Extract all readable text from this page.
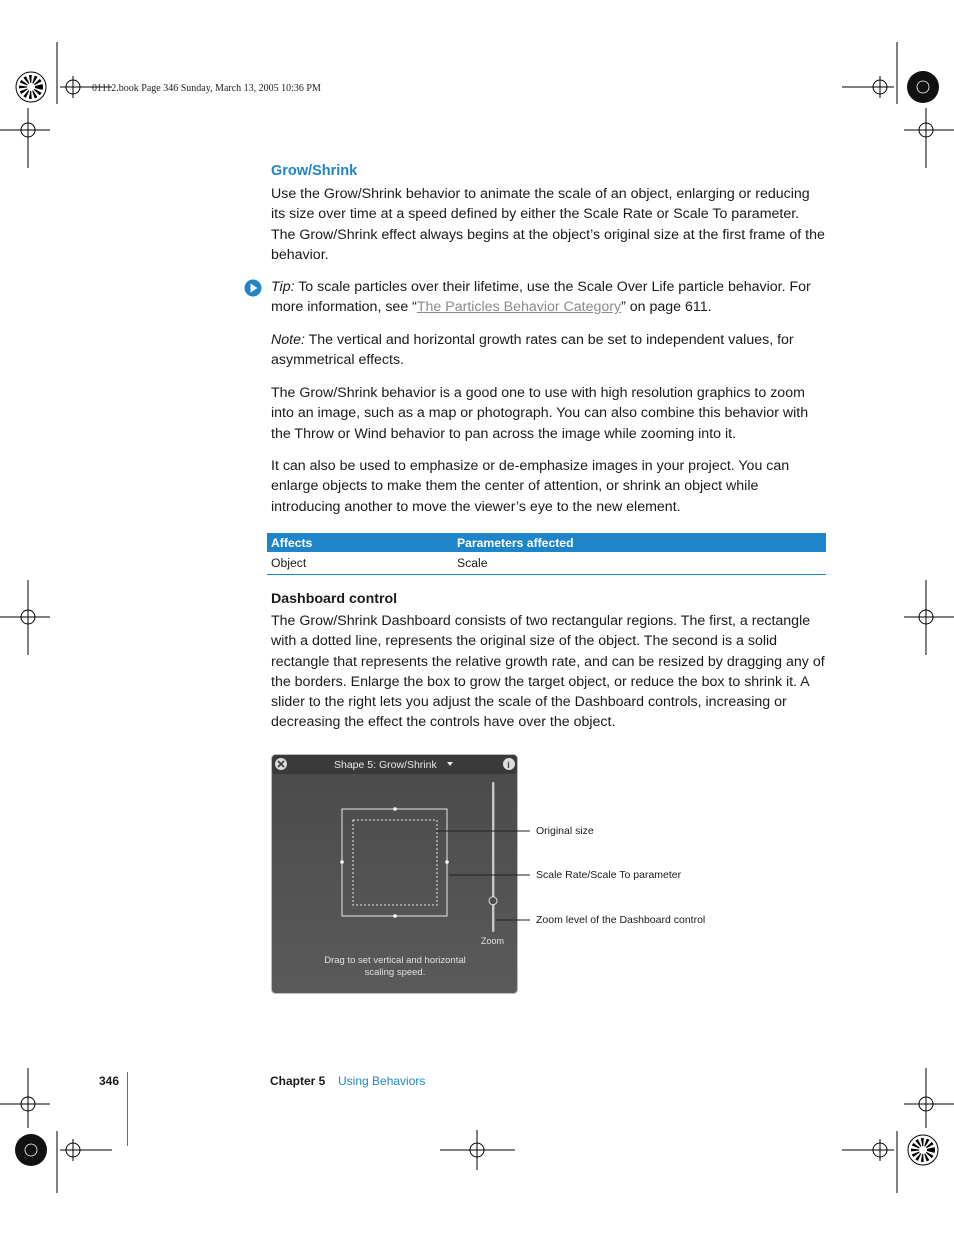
01112.book Page 346 Sunday, March 13, 2005 10:36 PM
Grow/Shrink

Use the Grow/Shrink behavior to animate the scale of an object, enlarging or reducing its size over time at a speed defined by either the Scale Rate or Scale To parameter. The Grow/Shrink effect always begins at the object’s original size at the first frame of the behavior.

Tip: To scale particles over their lifetime, use the Scale Over Life particle behavior. For more information, see “The Particles Behavior Category” on page 611.

Note: The vertical and horizontal growth rates can be set to independent values, for asymmetrical effects.

The Grow/Shrink behavior is a good one to use with high resolution graphics to zoom into an image, such as a map or photograph. You can also combine this behavior with the Throw or Wind behavior to pan across the image while zooming into it.

It can also be used to emphasize or de-emphasize images in your project. You can enlarge objects to make them the center of attention, or shrink an object while introducing another to move the viewer’s eye to the new element.

Affects	Parameters affected
Object	Scale
Dashboard control

The Grow/Shrink Dashboard consists of two rectangular regions. The first, a rectangle with a dotted line, represents the original size of the object. The second is a solid rectangle that represents the relative growth rate, and can be resized by dragging any of the borders. Enlarge the box to grow the target object, or reduce the box to shrink it. A slider to the right lets you adjust the scale of the Dashboard controls, increasing or decreasing the effect the controls have over the object.

Shape 5: Grow/Shrink	i
Zoom
Drag to set vertical and horizontal
scaling speed.
Original size
Scale Rate/Scale To parameter
Zoom level of the Dashboard control
346	Chapter 5 Using Behaviors
